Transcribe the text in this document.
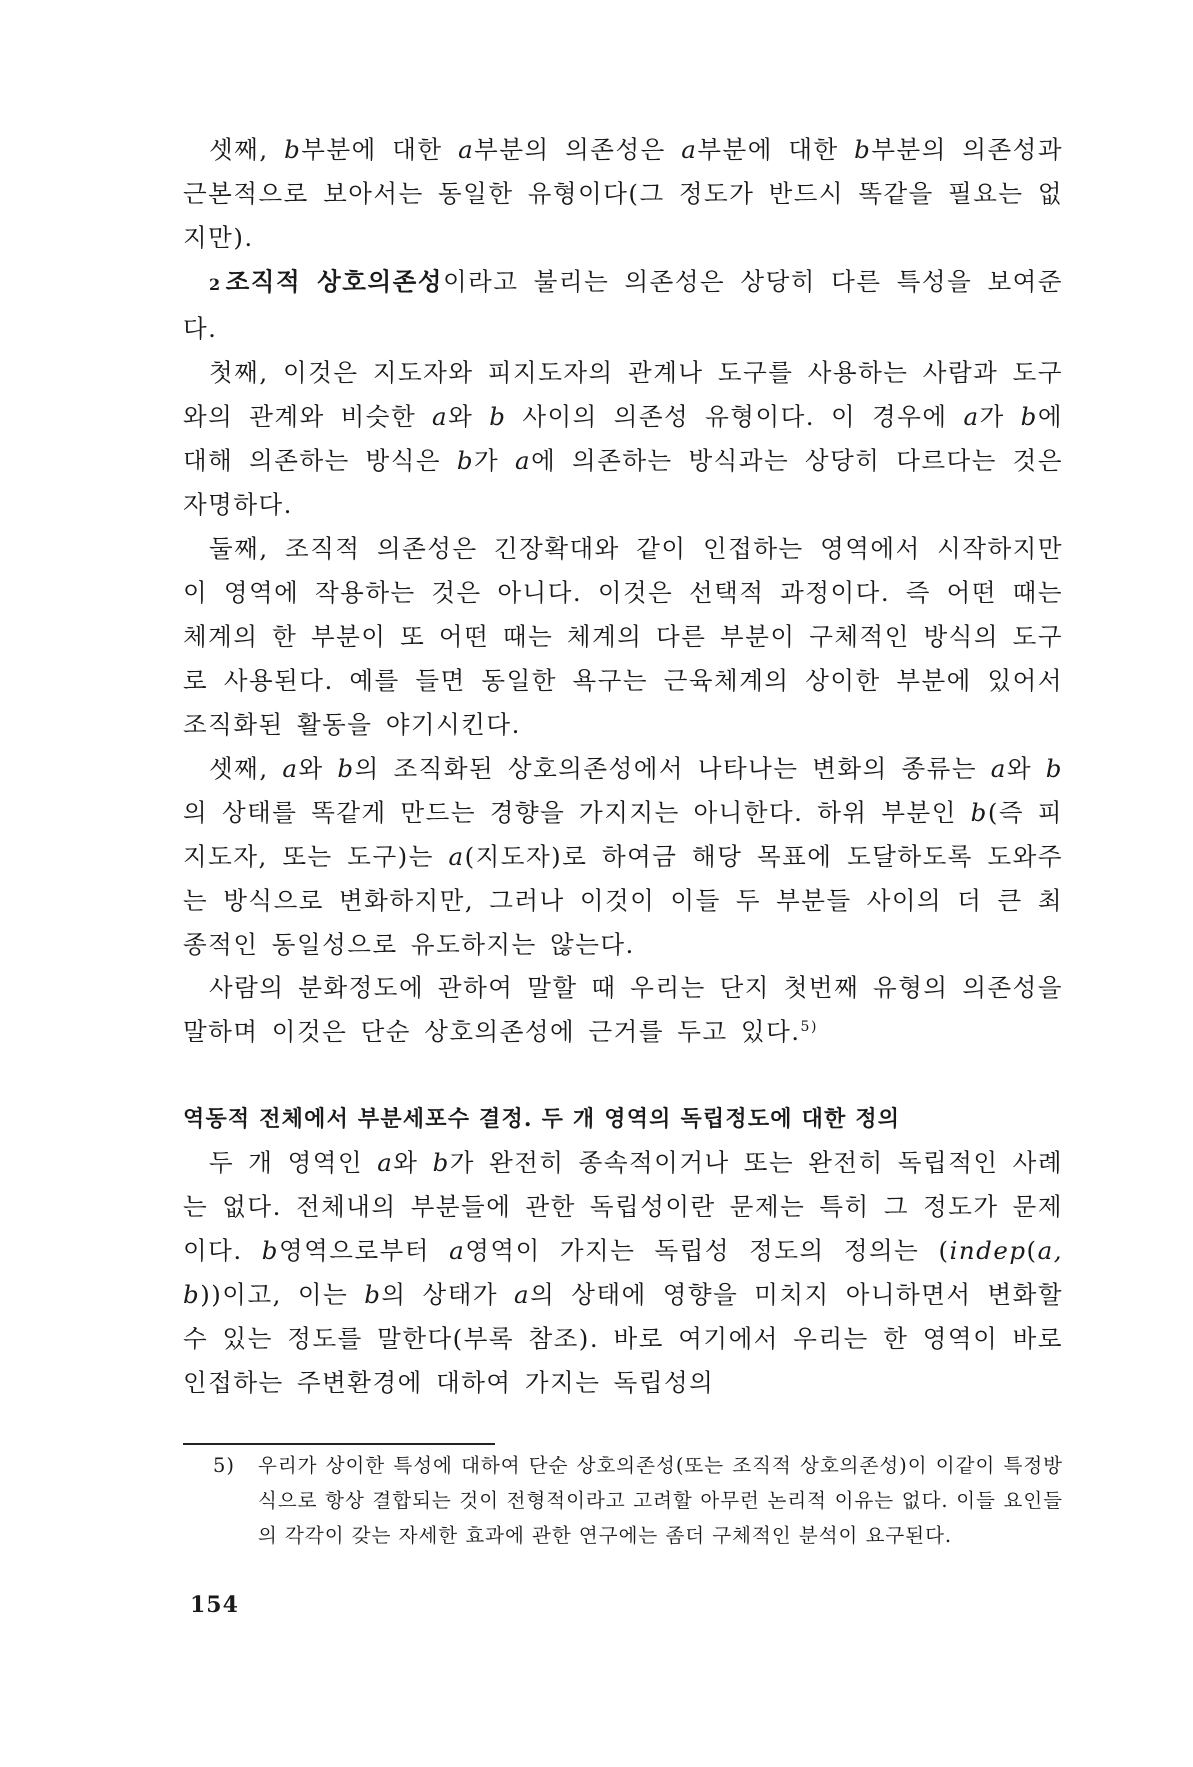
셋째, b부분에 대한 a부분의 의존성은 a부분에 대한 b부분의 의존성과 근본적으로 보아서는 동일한 유형이다(그 정도가 반드시 똑같을 필요는 없지만).

2 조직적 상호의존성이라고 불리는 의존성은 상당히 다른 특성을 보여준다.

첫째, 이것은 지도자와 피지도자의 관계나 도구를 사용하는 사람과 도구와의 관계와 비슷한 a와 b 사이의 의존성 유형이다. 이 경우에 a가 b에 대해 의존하는 방식은 b가 a에 의존하는 방식과는 상당히 다르다는 것은 자명하다.

둘째, 조직적 의존성은 긴장확대와 같이 인접하는 영역에서 시작하지만 이 영역에 작용하는 것은 아니다. 이것은 선택적 과정이다. 즉 어떤 때는 체계의 한 부분이 또 어떤 때는 체계의 다른 부분이 구체적인 방식의 도구로 사용된다. 예를 들면 동일한 욕구는 근육체계의 상이한 부분에 있어서 조직화된 활동을 야기시킨다.

셋째, a와 b의 조직화된 상호의존성에서 나타나는 변화의 종류는 a와 b의 상태를 똑같게 만드는 경향을 가지지는 아니한다. 하위 부분인 b(즉 피지도자, 또는 도구)는 a(지도자)로 하여금 해당 목표에 도달하도록 도와주는 방식으로 변화하지만, 그러나 이것이 이들 두 부분들 사이의 더 큰 최종적인 동일성으로 유도하지는 않는다.

사람의 분화정도에 관하여 말할 때 우리는 단지 첫번째 유형의 의존성을 말하며 이것은 단순 상호의존성에 근거를 두고 있다.$^{5)}$

역동적 전체에서 부분세포수 결정. 두 개 영역의 독립정도에 대한 정의

두 개 영역인 a와 b가 완전히 종속적이거나 또는 완전히 독립적인 사례는 없다. 전체내의 부분들에 관한 독립성이란 문제는 특히 그 정도가 문제이다. b영역으로부터 a영역이 가지는 독립성 정도의 정의는 (indep(a, b))이고, 이는 b의 상태가 a의 상태에 영향을 미치지 아니하면서 변화할 수 있는 정도를 말한다(부록 참조). 바로 여기에서 우리는 한 영역이 바로 인접하는 주변환경에 대하여 가지는 독립성의

5)	우리가 상이한 특성에 대하여 단순 상호의존성(또는 조직적 상호의존성)이 이같이 특정방식으로 항상 결합되는 것이 전형적이라고 고려할 아무런 논리적 이유는 없다. 이들 요인들의 각각이 갖는 자세한 효과에 관한 연구에는 좀더 구체적인 분석이 요구된다.
154
